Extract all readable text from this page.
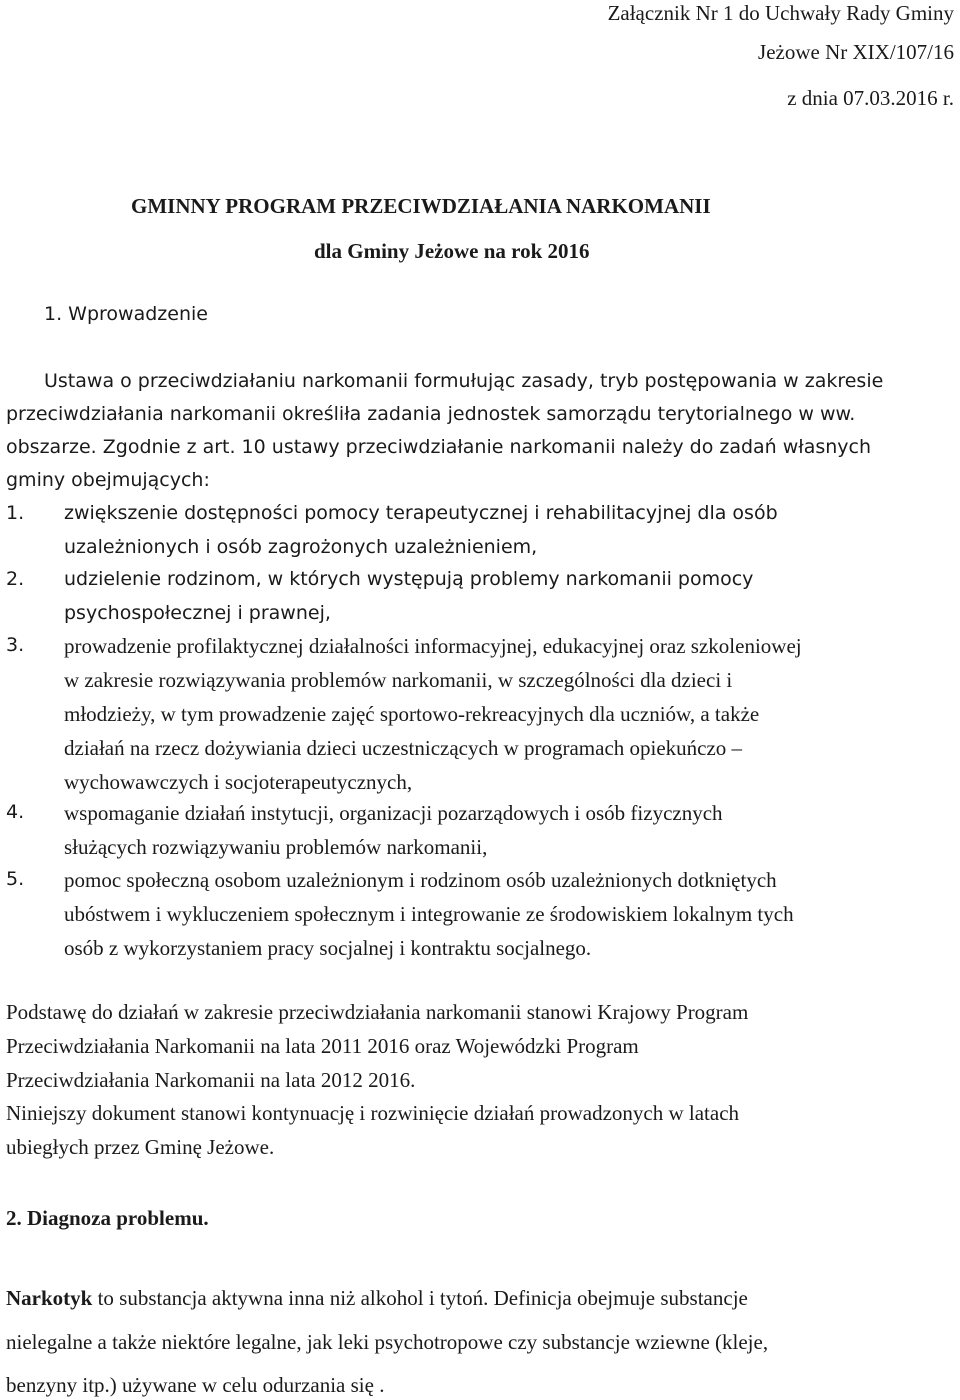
Załącznik Nr 1 do Uchwały Rady Gminy
Jeżowe Nr XIX/107/16
z dnia 07.03.2016 r.
GMINNY PROGRAM PRZECIWDZIAŁANIA NARKOMANII
dla Gminy Jeżowe na rok 2016
1. Wprowadzenie
Ustawa o przeciwdziałaniu narkomanii formułując zasady, tryb postępowania w zakresie
przeciwdziałania narkomanii określiła zadania jednostek samorządu terytorialnego w ww.
obszarze. Zgodnie z art. 10 ustawy przeciwdziałanie narkomanii należy do zadań własnych
gminy obejmujących:
1. zwiększenie dostępności pomocy terapeutycznej i rehabilitacyjnej dla osób
uzależnionych i osób zagrożonych uzależnieniem,
2. udzielenie rodzinom, w których występują problemy narkomanii pomocy
psychospołecznej i prawnej,
3. prowadzenie profilaktycznej działalności informacyjnej, edukacyjnej oraz szkoleniowej
w zakresie rozwiązywania problemów narkomanii, w szczególności dla dzieci i
młodzieży, w tym prowadzenie zajęć sportowo-rekreacyjnych dla uczniów, a także
działań na rzecz dożywiania dzieci uczestniczących w programach opiekuńczo –
wychowawczych i socjoterapeutycznych,
4. wspomaganie działań instytucji, organizacji pozarządowych i osób fizycznych
służących rozwiązywaniu problemów narkomanii,
5. pomoc społeczną osobom uzależnionym i rodzinom osób uzależnionych dotkniętych
ubóstwem i wykluczeniem społecznym i integrowanie ze środowiskiem lokalnym tych
osób z wykorzystaniem pracy socjalnej i kontraktu socjalnego.
Podstawę do działań w zakresie przeciwdziałania narkomanii stanowi Krajowy Program
Przeciwdziałania Narkomanii na lata 2011 2016 oraz Wojewódzki Program
Przeciwdziałania Narkomanii na lata 2012 2016.
Niniejszy dokument stanowi kontynuację i rozwinięcie działań prowadzonych w latach
ubiegłych przez Gminę Jeżowe.
2. Diagnoza problemu.
Narkotyk to substancja aktywna inna niż alkohol i tytoń. Definicja obejmuje substancje
nielegalne a także niektóre legalne, jak leki psychotropowe czy substancje wziewne (kleje,
benzyny itp.) używane w celu odurzania się .
